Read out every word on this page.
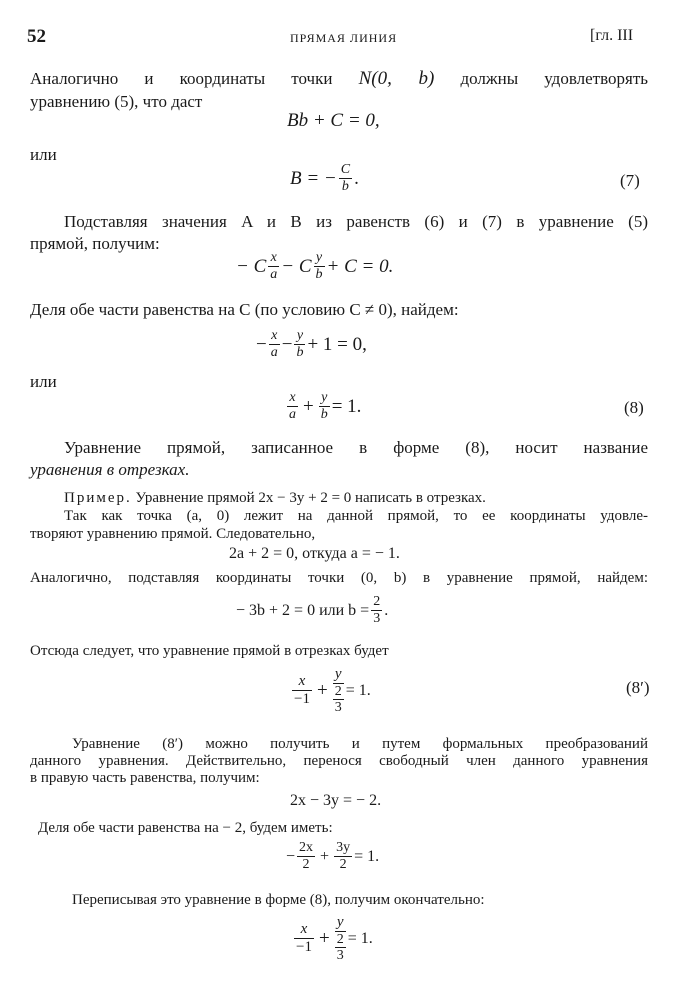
52	ПРЯМАЯ ЛИНИЯ	[гл. III
Аналогично и координаты точки N(0, b) должны удовлетворять
уравнению (5), что даст
Bb + C = 0,
или
B = − $\frac{C}{b}$ .	(7)
Подставляя значения A и B из равенств (6) и (7) в уравнение (5)
прямой, получим:
− C $\frac{x}{a} - C \frac{y}{b} + C = 0$.
Деля обе части равенства на C (по условию C ≠ 0), найдем:
− $\frac{x}{a} - \frac{y}{b} + 1 = 0$,
или
$\frac{x}{a} + \frac{y}{b} = 1$.	(8)
Уравнение прямой, записанное в форме (8), носит название
уравнения в отрезках.
Пример. Уравнение прямой 2x − 3y + 2 = 0 написать в отрезках.
Так как точка (a, 0) лежит на данной прямой, то ее координаты удовле-
творяют уравнению прямой. Следовательно,
2a + 2 = 0, откуда a = − 1.
Аналогично, подставляя координаты точки (0, b) в уравнение прямой, найдем:
− 3b + 2 = 0 или $b = \frac{2}{3}$ .
Отсюда следует, что уравнение прямой в отрезках будет
$\frac{x}{-1} + \frac{y}{\frac{2}{3}} = 1$.	(8′)
Уравнение (8′) можно получить и путем формальных преобразований
данного уравнения. Действительно, перенося свободный член данного уравнения
в правую часть равенства, получим:
2x − 3y = − 2.
Деля обе части равенства на − 2, будем иметь:
− $\frac{2x}{2} + \frac{3y}{2} = 1$.
Переписывая это уравнение в форме (8), получим окончательно:
$\frac{x}{-1} + \frac{y}{\frac{2}{3}} = 1$.
